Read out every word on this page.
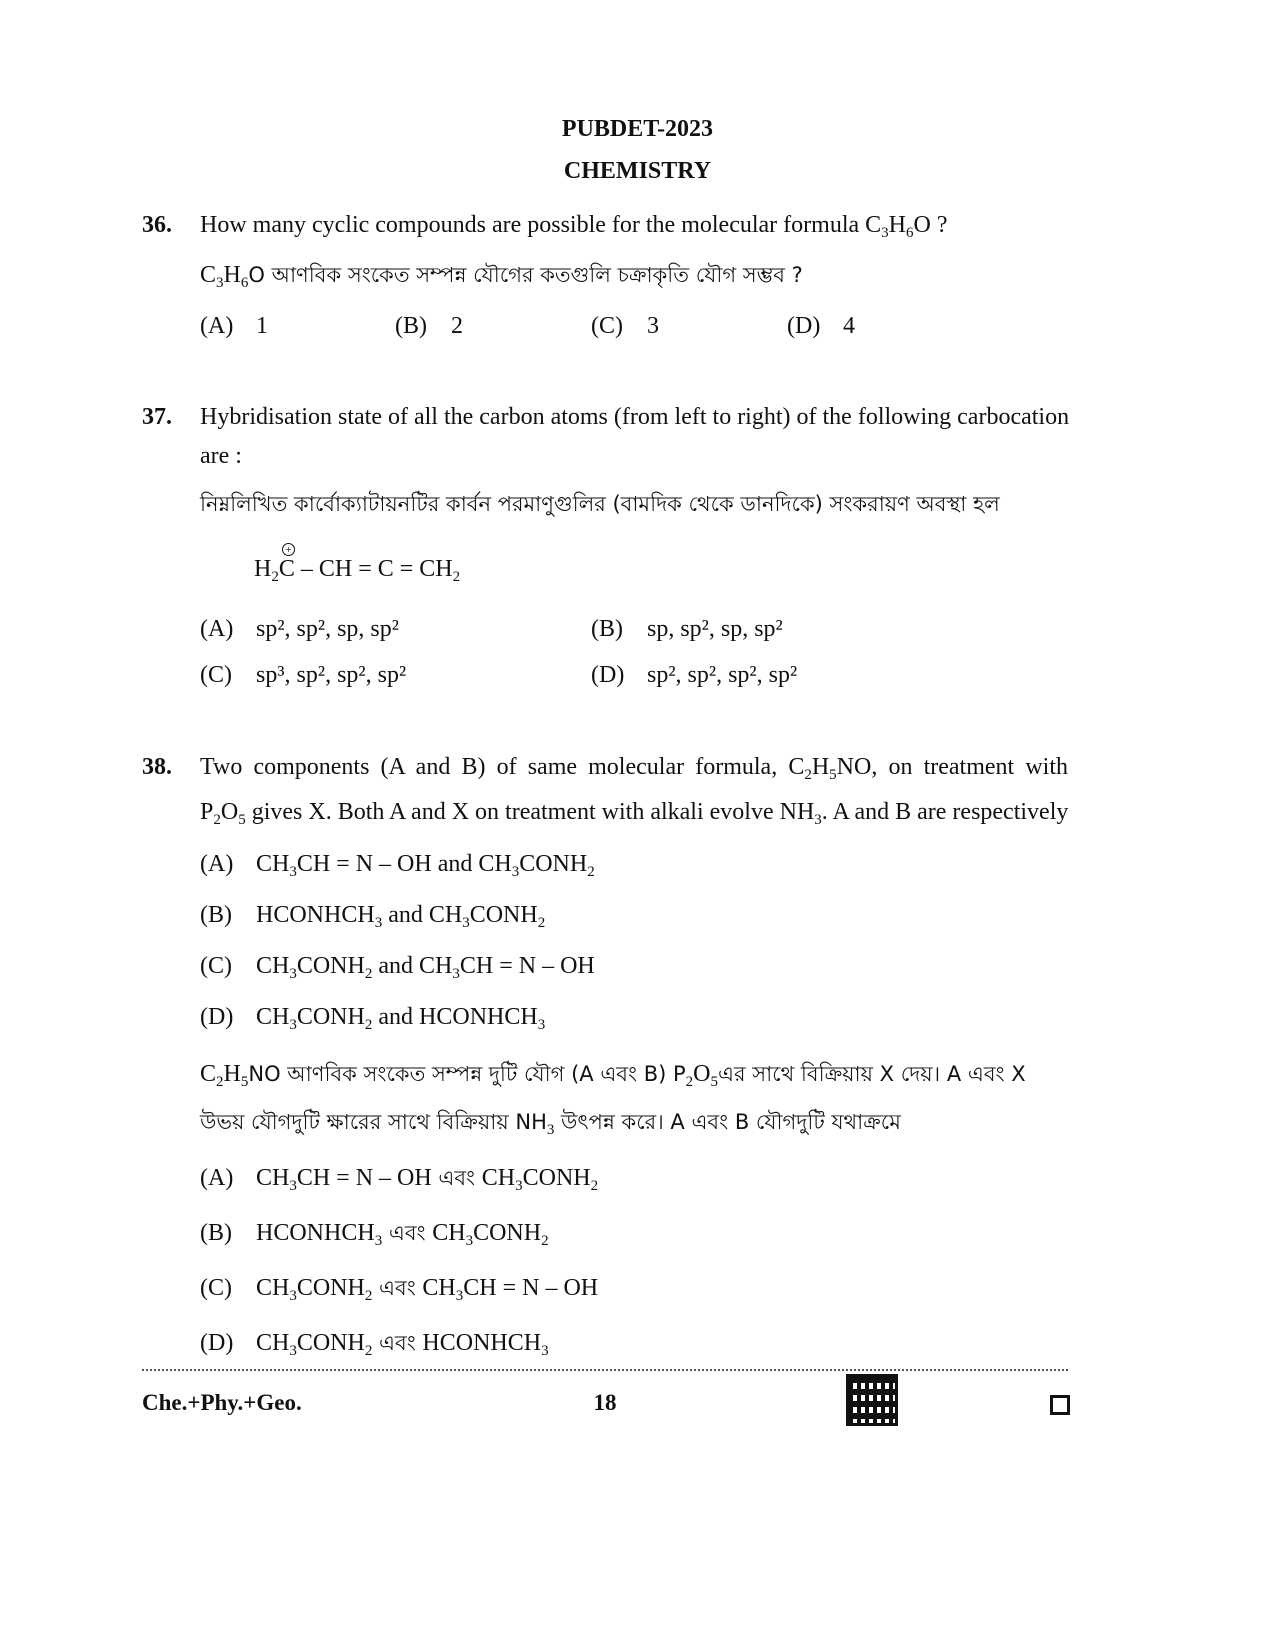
PUBDET-2023
CHEMISTRY
36. How many cyclic compounds are possible for the molecular formula $C_3H_6O$ ?
$C_3H_6O$ আণবিক সংকেত সম্পন্ন যৌগের কতগুলি চক্রাকৃতি যৌগ সম্ভব ?
(A) 1	(B) 2	(C) 3	(D) 4
37. Hybridisation state of all the carbon atoms (from left to right) of the following carbocation
are :
নিম্নলিখিত কার্বোক্যাটায়নটির কার্বন পরমাণুগুলির (বামদিক থেকে ডানদিকে) সংকরায়ণ অবস্থা হল
$H_2$
+
C – CH = $C = CH_2$
(A) sp², sp², sp, sp²	(B) sp, sp², sp, sp²
(C) sp³, sp², sp², sp²	(D) sp², sp², sp², sp²
38. Two components (A and B) of same molecular formula, $C_2H_5NO$, on treatment with
$P_2O_5$ gives X. Both A and X on treatment with alkali evolve $NH_3$. A and B are respectively
(A) $CH_3CH = N$ – OH and $CH_3CONH_2$
(B) $HCONHCH_3$ and $CH_3CONH_2$
(C) $CH_3CONH_2$ and $CH_3CH = N$ – OH
(D) $CH_3CONH_2$ and $HCONHCH_3$
$C_2H_5NO$ আণবিক সংকেত সম্পন্ন দুটি যৌগ (A এবং B) $P_2O_5এর$ সাথে বিক্রিয়ায় X দেয়। A এবং X
উভয় যৌগদুটি ক্ষারের সাথে বিক্রিয়ায় $NH_3$ উৎপন্ন করে। A এবং B যৌগদুটি যথাক্রমে
(A) $CH_3CH = N$ – OH এবং $CH_3CONH_2$
(B) $HCONHCH_3$ এবং $CH_3CONH_2$
(C) $CH_3CONH_2$ এবং $CH_3CH = N$ – OH
(D) $CH_3CONH_2$ এবং $HCONHCH_3$
Che.+Phy.+Geo.	18
